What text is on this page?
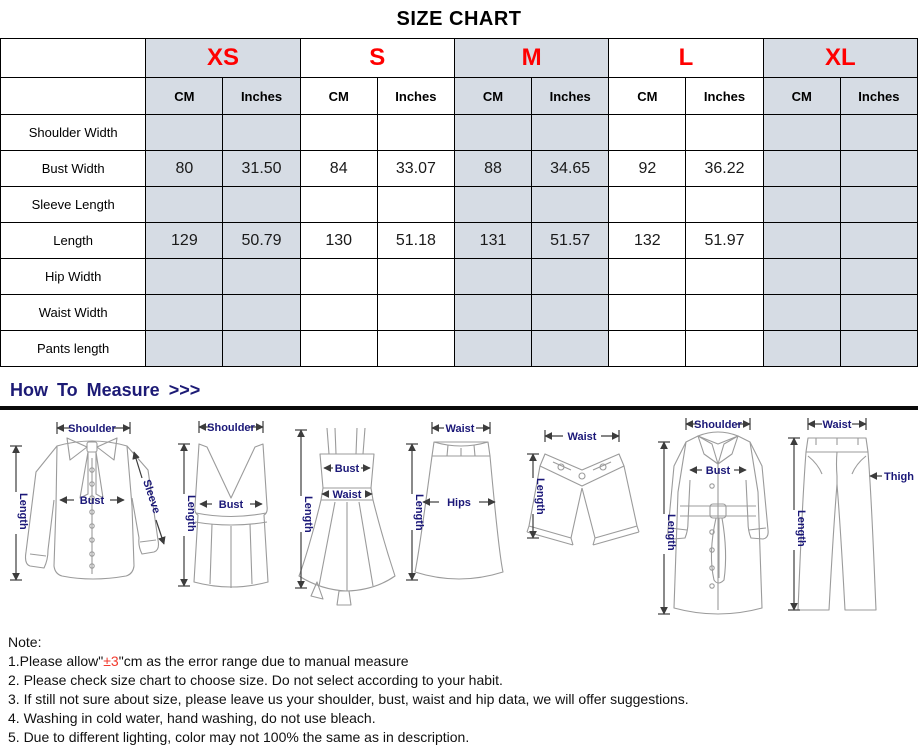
SIZE CHART
	XS		S		M		L		XL	
	CM	Inches	CM	Inches	CM	Inches	CM	Inches	CM	Inches
Shoulder Width										
Bust Width	80	31.50	84	33.07	88	34.65	92	36.22		
Sleeve Length										
Length	129	50.79	130	51.18	131	51.57	132	51.97		
Hip Width										
Waist Width										
Pants length										
How To Measure >>>
Shoulder
Length	Bust	Sleeve
Shoulder
Length Bust	Length
Bust
Waist
Waist
Length Hips
Waist
Length
Shoulder
Length
Bust
Waist
Length
Thigh
Note:
1.Please allow"±3"cm as the error range due to manual measure
2. Please check size chart to choose size. Do not select according to your habit.
3. If still not sure about size, please leave us your shoulder, bust, waist and hip data, we will offer suggestions.
4. Washing in cold water, hand washing, do not use bleach.
5. Due to different lighting, color may not 100% the same as in description.
